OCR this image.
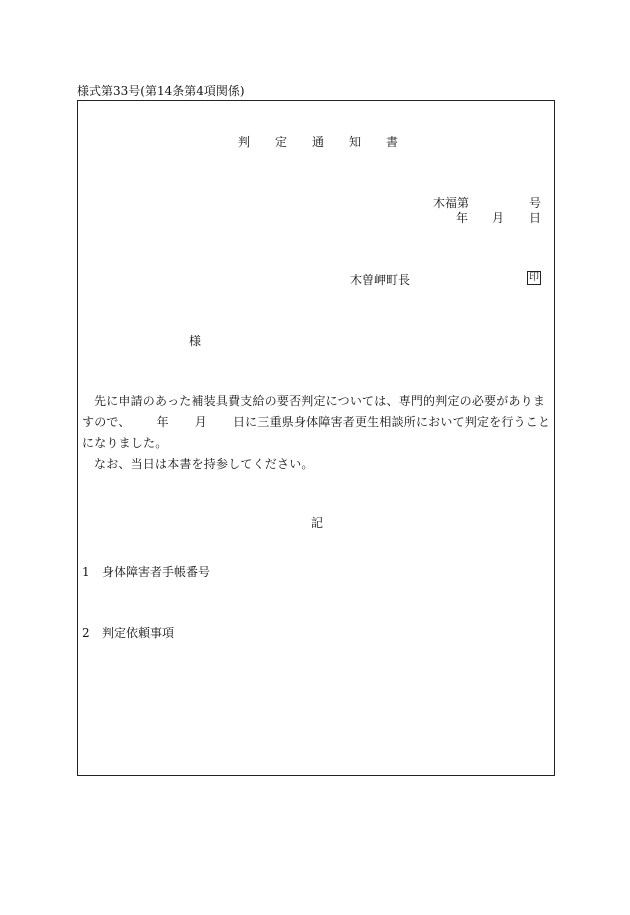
様式第33号(第14条第4項関係)
判 定 通 知 書
木福第	号
年 月 日
木曽岬町長	印
様

先に申請のあった補装具費支給の要否判定については、専門的判定の必要がありますので、 年 月 日に三重県身体障害者更生相談所において判定を行うことになりました。

なお、当日は本書を持参してください。

記
1 身体障害者手帳番号
2 判定依頼事項
